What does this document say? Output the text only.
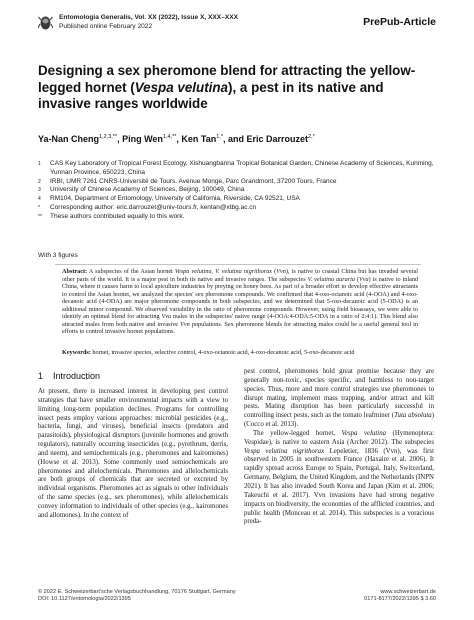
Entomologia Generalis, Vol. XX (2022), Issue X, XXX–XXX
Published online February 2022	PrePub-Article
Designing a sex pheromone blend for attracting the yellow-legged hornet (Vespa velutina), a pest in its native and invasive ranges worldwide
Ya-Nan Cheng$^{1,2,3,**}$, Ping Wen$^{1,4,**}$, Ken Tan$^{1,*}$, and Eric Darrouzet$^{2,*}$
1 CAS Key Laboratory of Tropical Forest Ecology, Xishuangbanna Tropical Botanical Garden, Chinese Academy of Sciences, Kunming, Yunnan Province, 650223, China
2 IRBI, UMR 7261 CNRS-Université de Tours. Avenue Monge, Parc Grandmont, 37200 Tours, France
3 University of Chinese Academy of Sciences, Beijing, 100049, China
4 RM104, Department of Entomology, University of California, Riverside, CA 92521, USA
* Corresponding author: eric.darrouzet@univ-tours.fr, kentan@xtbg.ac.cn
** These authors contributed equally to this work.
With 3 figures
Abstract: A subspecies of the Asian hornet Vespa velutina, V. velutina nigrithorax (Vvn), is native to coastal China but has invaded several other parts of the world. It is a major pest in both its native and invasive ranges. The subspecies V. velutina auraria (Vva) is native to inland China, where it causes harm to local apiculture industries by preying on honey bees. As part of a broader effort to develop effective attractants to control the Asian hornet, we analyzed the species' sex pheromone compounds. We confirmed that 4-oxo-octanoic acid (4-OOA) and 4-oxo-decanoic acid (4-ODA) are major pheromone compounds in both subspecies, and we determined that 5-oxo-decanoic acid (5-ODA) is an additional minor compound. We observed variability in the ratio of pheromone compounds. However, using field bioassays, we were able to identify an optimal blend for attracting Vva males in the subspecies' native range (4-OOA:4-ODA:5-ODA in a ratio of 2:4:1). This blend also attracted males from both native and invasive Vvn populations. Sex pheromone blends for attracting males could be a useful general tool in efforts to control invasive hornet populations.
Keywords: hornet, invasive species, selective control, 4-oxo-octanoic acid, 4-oxo-decanoic acid, 5-oxo-decanoic acid
1 Introduction

At present, there is increased interest in developing pest control strategies that have smaller environmental impacts with a view to limiting long-term population declines. Programs for controlling insect pests employ various approaches: microbial pesticides (e.g., bacteria, fungi, and viruses), beneficial insects (predators and parasitoids), physiological disruptors (juvenile hormones and growth regulators), naturally occurring insecticides (e.g., pyrethrum, derris, and neem), and semiochemicals (e.g., pheromones and kairomones) (Howse et al. 2013). Some commonly used semiochemicals are pheromones and allelochemicals. Pheromones and allelochemicals are both groups of chemicals that are secreted or excreted by individual organisms. Pheromones act as signals to other individuals of the same species (e.g., sex pheromones), while allelochemicals convey information to individuals of other species (e.g., kairomones and allomones). In the context of

pest control, pheromones hold great promise because they are generally non-toxic, species specific, and harmless to non-target species. Thus, more and more control strategies use pheromones to disrupt mating, implement mass trapping, and/or attract and kill pests. Mating disruption has been particularly successful in controlling insect pests, such as the tomato leafminer (Tuta absoluta) (Cocco et al. 2013).

The yellow-legged hornet, Vespa velutina (Hymenoptera: Vespidae), is native to eastern Asia (Archer 2012). The subspecies Vespa velutina nigrithorax Lepeletier, 1836 (Vvn), was first observed in 2005 in southwestern France (Haxaire et al. 2006). It rapidly spread across Europe to Spain, Portugal, Italy, Switzerland, Germany, Belgium, the United Kingdom, and the Netherlands (INPN 2021). It has also invaded South Korea and Japan (Kim et al. 2006; Takeuchi et al. 2017). Vvn invasions have had strong negative impacts on biodiversity, the economies of the afflicted countries, and public health (Monceau et al. 2014). This subspecies is a voracious preda-

© 2022 E. Schweizerbart'sche Verlagsbuchhandlung, 70176 Stuttgart, Germany
DOI: 10.1127/entomologia/2022/1395
www.schweizerbart.de
0171-8177/2022/1395 $ 3.60
